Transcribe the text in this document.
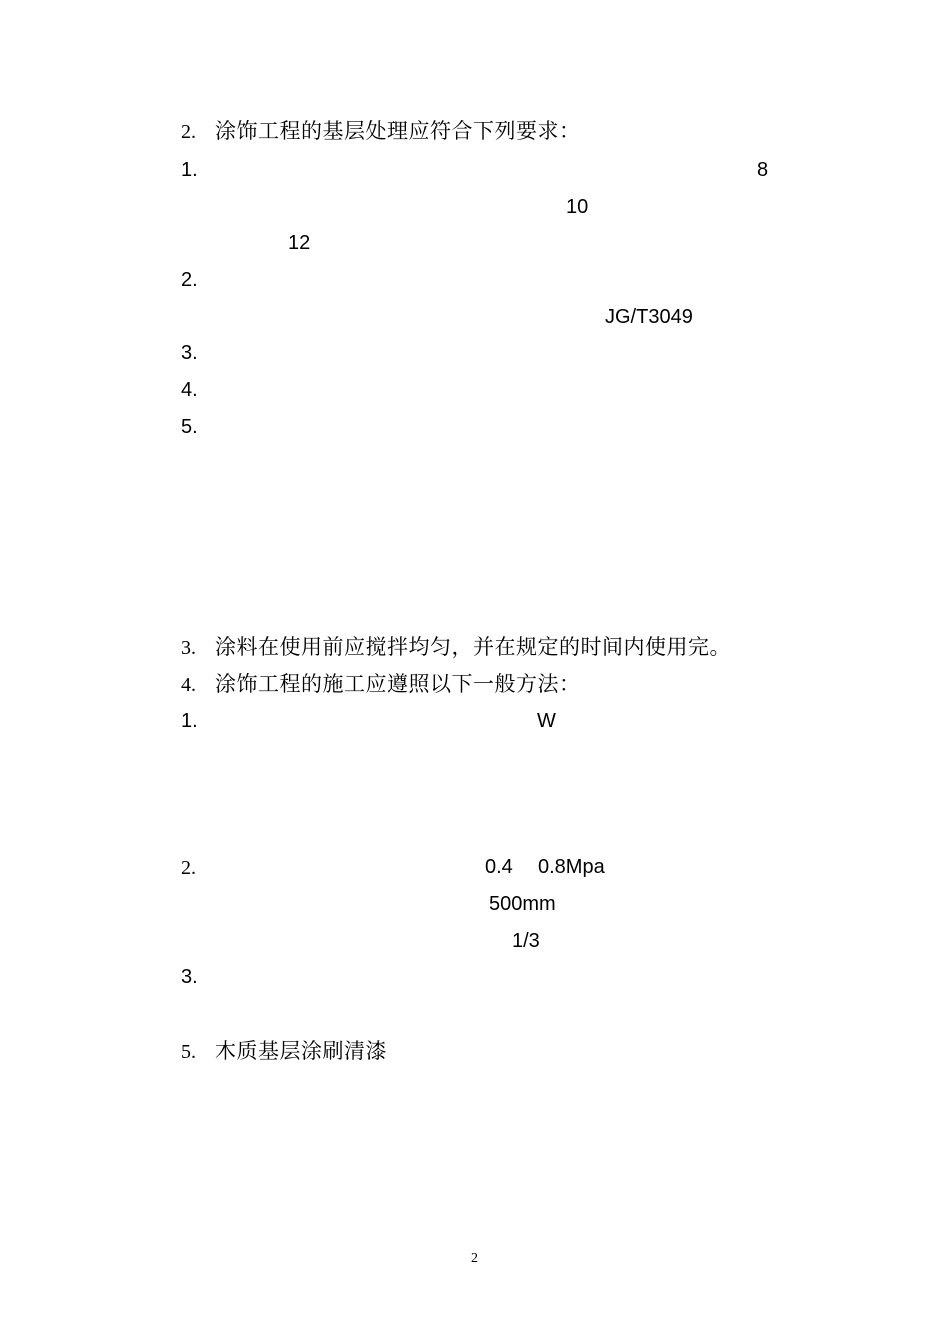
2. 涂饰工程的基层处理应符合下列要求：
1.	8
10
12
2.
JG/T3049
3.
4.
5.
3. 涂料在使用前应搅拌均匀，并在规定的时间内使用完。
4. 涂饰工程的施工应遵照以下一般方法：
1.	W
2.	0.4 0.8Mpa
500mm
1/3
3.
5. 木质基层涂刷清漆
2
